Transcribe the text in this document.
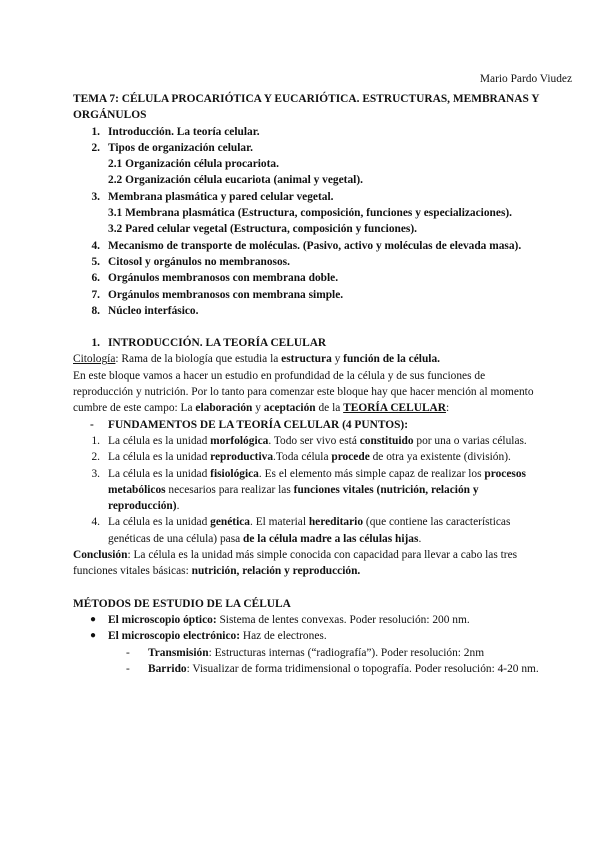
Mario Pardo Viudez

TEMA 7: CÉLULA PROCARIÓTICA Y EUCARIÓTICA. ESTRUCTURAS, MEMBRANAS Y ORGÁNULOS

1. Introducción. La teoría celular.
2. Tipos de organización celular.
2.1 Organización célula procariota.
2.2 Organización célula eucariota (animal y vegetal).
3. Membrana plasmática y pared celular vegetal.
3.1 Membrana plasmática (Estructura, composición, funciones y especializaciones).
3.2 Pared celular vegetal (Estructura, composición y funciones).
4. Mecanismo de transporte de moléculas. (Pasivo, activo y moléculas de elevada masa).
5. Citosol y orgánulos no membranosos.
6. Orgánulos membranosos con membrana doble.
7. Orgánulos membranosos con membrana simple.
8. Núcleo interfásico.
1. INTRODUCCIÓN. LA TEORÍA CELULAR

Citología: Rama de la biología que estudia la estructura y función de la célula.

En este bloque vamos a hacer un estudio en profundidad de la célula y de sus funciones de reproducción y nutrición. Por lo tanto para comenzar este bloque hay que hacer mención al momento cumbre de este campo: La elaboración y aceptación de la TEORÍA CELULAR:

-	FUNDAMENTOS DE LA TEORÍA CELULAR (4 PUNTOS):
1. La célula es la unidad morfológica. Todo ser vivo está constituido por una o varias células.
2. La célula es la unidad reproductiva.Toda célula procede de otra ya existente (división).
3. La célula es la unidad fisiológica. Es el elemento más simple capaz de realizar los procesos metabólicos necesarios para realizar las funciones vitales (nutrición, relación y reproducción).
4. La célula es la unidad genética. El material hereditario (que contiene las características genéticas de una célula) pasa de la célula madre a las células hijas.

Conclusión: La célula es la unidad más simple conocida con capacidad para llevar a cabo las tres funciones vitales básicas: nutrición, relación y reproducción.

MÉTODOS DE ESTUDIO DE LA CÉLULA

●	El microscopio óptico: Sistema de lentes convexas. Poder resolución: 200 nm.
●	El microscopio electrónico: Haz de electrones.
-	Transmisión: Estructuras internas (“radiografía”). Poder resolución: 2nm
-	Barrido: Visualizar de forma tridimensional o topografía. Poder resolución: 4-20 nm.
